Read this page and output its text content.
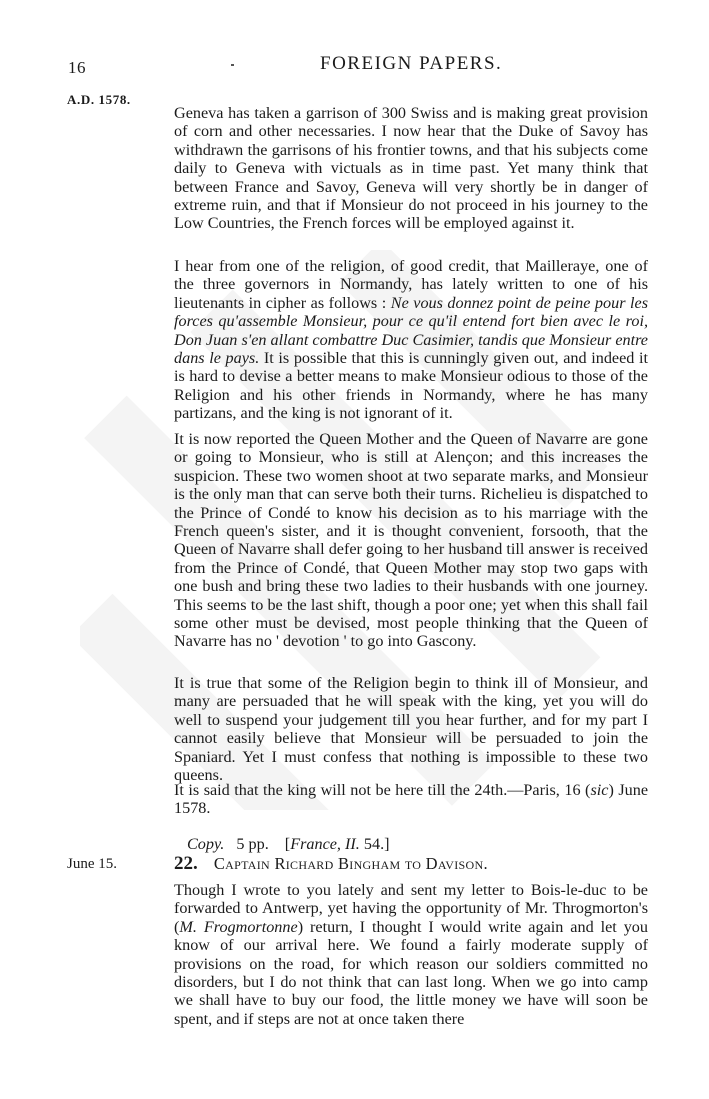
16	FOREIGN PAPERS.
A.D. 1578.

Geneva has taken a garrison of 300 Swiss and is making great provision of corn and other necessaries. I now hear that the Duke of Savoy has withdrawn the garrisons of his frontier towns, and that his subjects come daily to Geneva with victuals as in time past. Yet many think that between France and Savoy, Geneva will very shortly be in danger of extreme ruin, and that if Monsieur do not proceed in his journey to the Low Countries, the French forces will be employed against it.

I hear from one of the religion, of good credit, that Mailleraye, one of the three governors in Normandy, has lately written to one of his lieutenants in cipher as follows : Ne vous donnez point de peine pour les forces qu'assemble Monsieur, pour ce qu'il entend fort bien avec le roi, Don Juan s'en allant combattre Duc Casimier, tandis que Monsieur entre dans le pays. It is possible that this is cunningly given out, and indeed it is hard to devise a better means to make Monsieur odious to those of the Religion and his other friends in Normandy, where he has many partizans, and the king is not ignorant of it.

It is now reported the Queen Mother and the Queen of Navarre are gone or going to Monsieur, who is still at Alençon; and this increases the suspicion. These two women shoot at two separate marks, and Monsieur is the only man that can serve both their turns. Richelieu is dispatched to the Prince of Condé to know his decision as to his marriage with the French queen's sister, and it is thought convenient, forsooth, that the Queen of Navarre shall defer going to her husband till answer is received from the Prince of Condé, that Queen Mother may stop two gaps with one bush and bring these two ladies to their husbands with one journey. This seems to be the last shift, though a poor one; yet when this shall fail some other must be devised, most people thinking that the Queen of Navarre has no ' devotion ' to go into Gascony.

It is true that some of the Religion begin to think ill of Monsieur, and many are persuaded that he will speak with the king, yet you will do well to suspend your judgement till you hear further, and for my part I cannot easily believe that Monsieur will be persuaded to join the Spaniard. Yet I must confess that nothing is impossible to these two queens.

It is said that the king will not be here till the 24th.—Paris, 16 (sic) June 1578.

Copy. 5 pp. [France, II. 54.]
June 15.	22. Captain Richard Bingham to Davison.

Though I wrote to you lately and sent my letter to Bois-le-duc to be forwarded to Antwerp, yet having the opportunity of Mr. Throgmorton's (M. Frogmortonne) return, I thought I would write again and let you know of our arrival here. We found a fairly moderate supply of provisions on the road, for which reason our soldiers committed no disorders, but I do not think that can last long. When we go into camp we shall have to buy our food, the little money we have will soon be spent, and if steps are not at once taken there
